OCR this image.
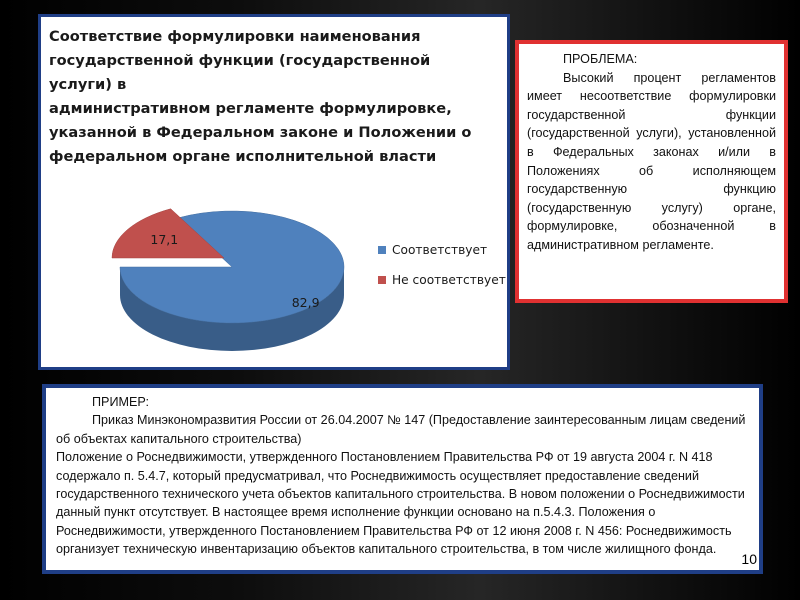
Соответствие формулировки наименования
государственной функции (государственной услуги) в
административном регламенте формулировке,
указанной в Федеральном законе и Положении о
федеральном органе исполнительной власти
82,9
17,1
Соответствует
Не соответствует

ПРОБЛЕМА:

Высокий процент регламентов имеет несоответствие формулировки государственной функции (государственной услуги), установленной в Федеральных законах и/или в Положениях об исполняющем государственную функцию (государственную услугу) органе, формулировке, обозначенной в административном регламенте.

ПРИМЕР:

Приказ Минэкономразвития России от 26.04.2007 № 147 (Предоставление заинтересованным лицам сведений об объектах капитального строительства)

Положение о Роснедвижимости, утвержденного Постановлением Правительства РФ от 19 августа 2004 г. N 418 содержало п. 5.4.7, который предусматривал, что Роснедвижимость осуществляет предоставление сведений государственного технического учета объектов капитального строительства. В новом положении о Роснедвижимости данный пункт отсутствует. В настоящее время исполнение функции основано на п.5.4.3. Положения о Роснедвижимости, утвержденного Постановлением Правительства РФ от 12 июня 2008 г. N 456: Роснедвижимость организует техническую инвентаризацию объектов капитального строительства, в том числе жилищного фонда.

10
